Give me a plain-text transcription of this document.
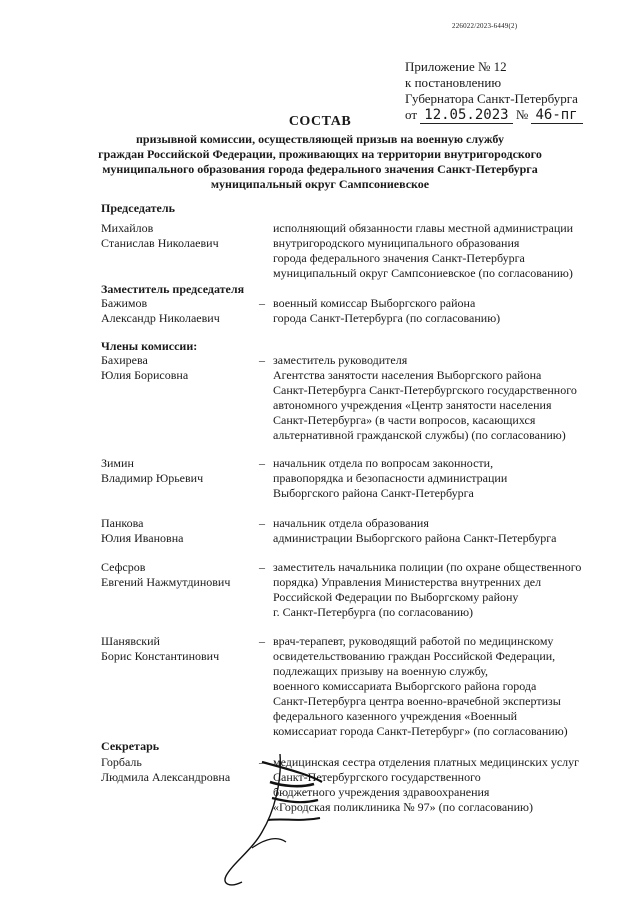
226022/2023-6449(2)
Приложение № 12
к постановлению
Губернатора Санкт-Петербурга
от 12.05.2023 № 46-пг
СОСТАВ
призывной комиссии, осуществляющей призыв на военную службу
граждан Российской Федерации, проживающих на территории внутригородского
муниципального образования города федерального значения Санкт-Петербурга
муниципальный округ Сампсониевское
Председатель
Михайлов
Станислав Николаевич
исполняющий обязанности главы местной администрации
внутригородского муниципального образования
города федерального значения Санкт-Петербурга
муниципальный округ Сампсониевское (по согласованию)
Заместитель председателя
Бажимов
Александр Николаевич
– военный комиссар Выборгского района
города Санкт-Петербурга (по согласованию)
Члены комиссии:
Бахирева
Юлия Борисовна
– заместитель руководителя
Агентства занятости населения Выборгского района
Санкт-Петербурга Санкт-Петербургского государственного
автономного учреждения «Центр занятости населения
Санкт-Петербурга» (в части вопросов, касающихся
альтернативной гражданской службы) (по согласованию)
Зимин
Владимир Юрьевич
– начальник отдела по вопросам законности,
правопорядка и безопасности администрации
Выборгского района Санкт-Петербурга
Панкова
Юлия Ивановна
– начальник отдела образования
администрации Выборгского района Санкт-Петербурга
Сефсров
Евгений Нажмутдинович
– заместитель начальника полиции (по охране общественного
порядка) Управления Министерства внутренних дел
Российской Федерации по Выборгскому району
г. Санкт-Петербурга (по согласованию)
Шанявский
Борис Константинович
– врач-терапевт, руководящий работой по медицинскому
освидетельствованию граждан Российской Федерации,
подлежащих призыву на военную службу,
военного комиссариата Выборгского района города
Санкт-Петербурга центра военно-врачебной экспертизы
федерального казенного учреждения «Военный
комиссариат города Санкт-Петербург» (по согласованию)
Секретарь
Горбаль
Людмила Александровна
– медицинская сестра отделения платных медицинских услуг
Санкт-Петербургского государственного
бюджетного учреждения здравоохранения
«Городская поликлиника № 97» (по согласованию)
